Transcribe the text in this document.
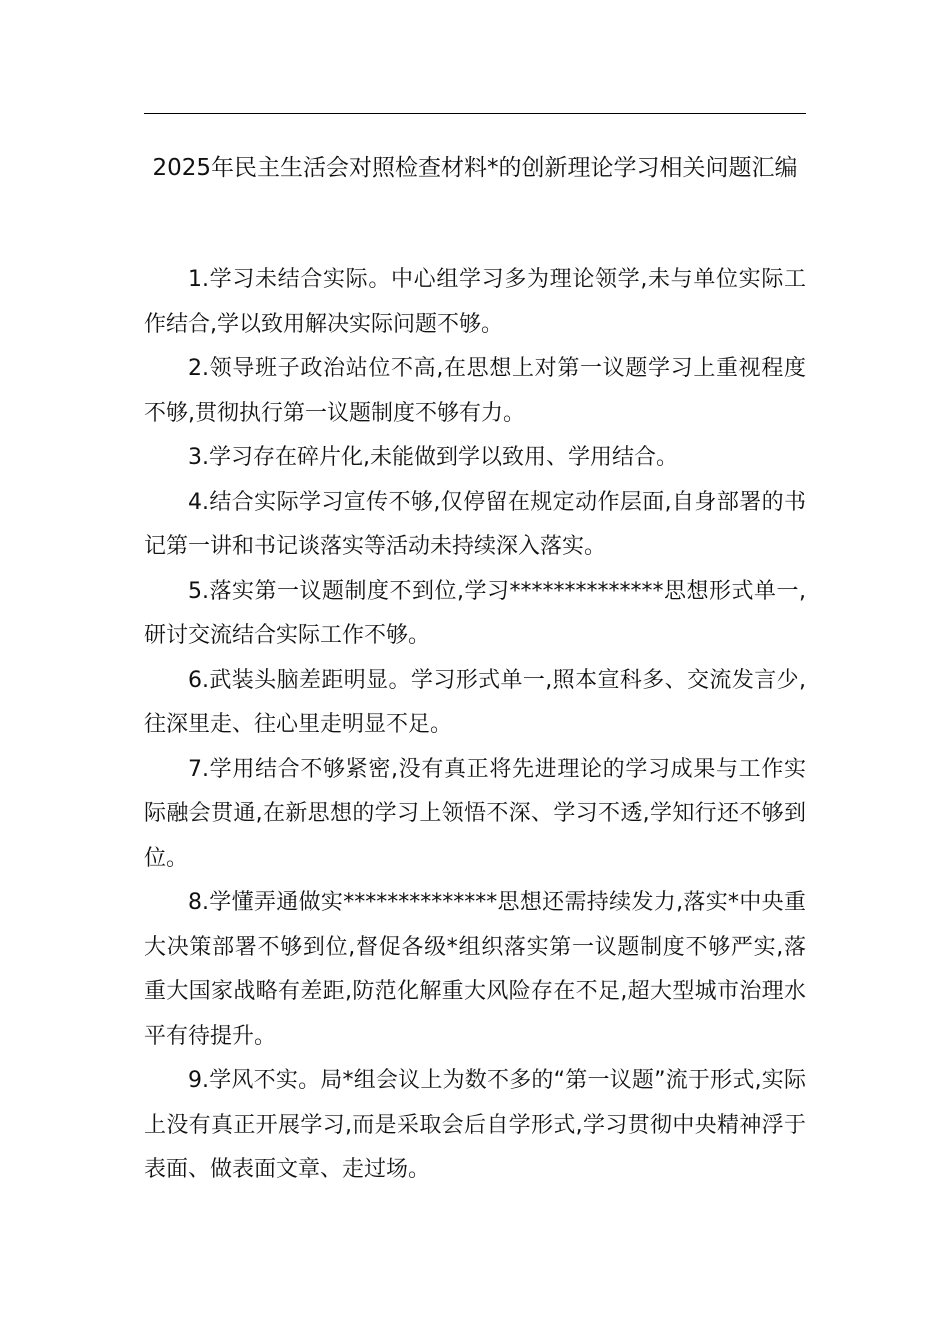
2025年民主生活会对照检查材料*的创新理论学习相关问题汇编

1.学习未结合实际。中心组学习多为理论领学,未与单位实际工作结合,学以致用解决实际问题不够。

2.领导班子政治站位不高,在思想上对第一议题学习上重视程度不够,贯彻执行第一议题制度不够有力。

3.学习存在碎片化,未能做到学以致用、学用结合。

4.结合实际学习宣传不够,仅停留在规定动作层面,自身部署的书记第一讲和书记谈落实等活动未持续深入落实。

5.落实第一议题制度不到位,学习**************思想形式单一,研讨交流结合实际工作不够。

6.武装头脑差距明显。学习形式单一,照本宣科多、交流发言少,往深里走、往心里走明显不足。

7.学用结合不够紧密,没有真正将先进理论的学习成果与工作实际融会贯通,在新思想的学习上领悟不深、学习不透,学知行还不够到位。

8.学懂弄通做实**************思想还需持续发力,落实*中央重大决策部署不够到位,督促各级*组织落实第一议题制度不够严实,落重大国家战略有差距,防范化解重大风险存在不足,超大型城市治理水平有待提升。

9.学风不实。局*组会议上为数不多的“第一议题”流于形式,实际上没有真正开展学习,而是采取会后自学形式,学习贯彻中央精神浮于表面、做表面文章、走过场。
